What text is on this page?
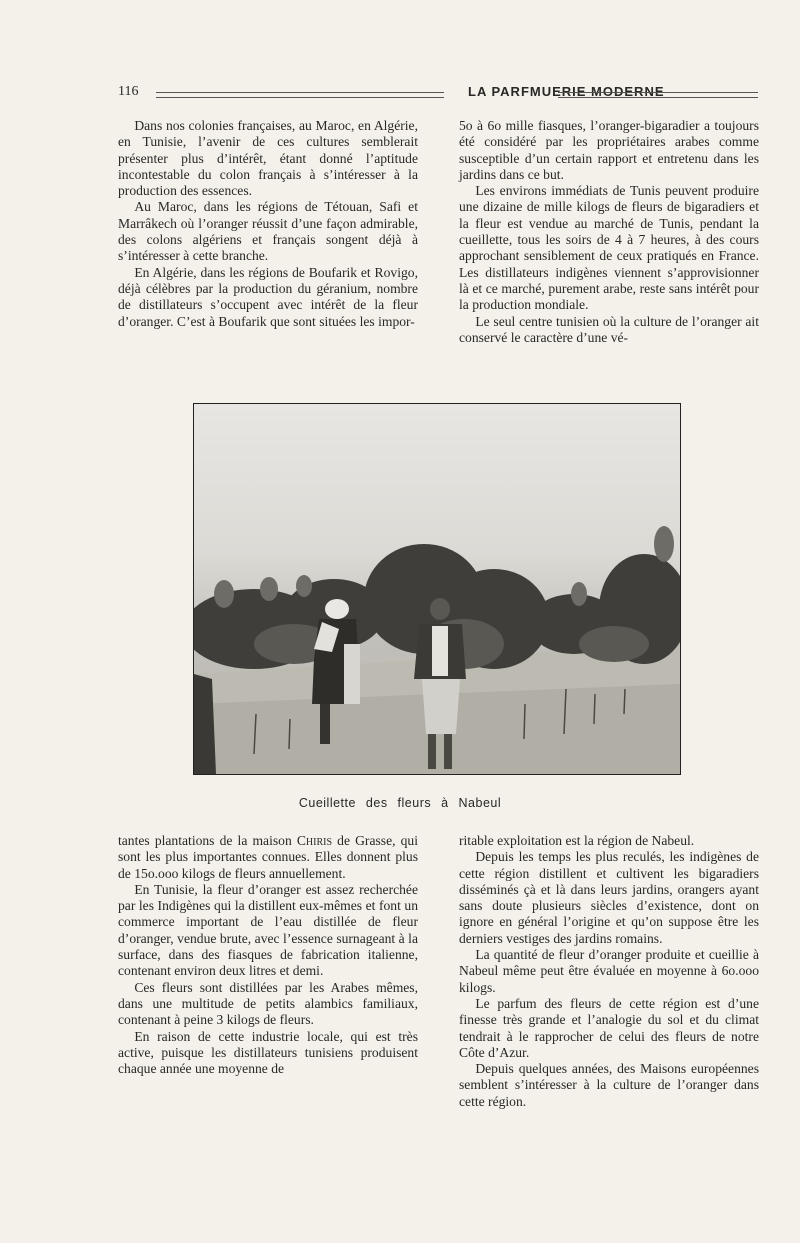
116	LA PARFMUERIE MODERNE

Dans nos colonies françaises, au Maroc, en Algérie, en Tunisie, l’avenir de ces cultures semblerait présenter plus d’intérêt, étant donné l’aptitude incontestable du colon français à s’intéresser à la production des essences.

Au Maroc, dans les régions de Tétouan, Safi et Marrâkech où l’oranger réussit d’une façon admirable, des colons algériens et français songent déjà à s’intéresser à cette branche.

En Algérie, dans les régions de Boufarik et Rovigo, déjà célèbres par la production du géranium, nombre de distillateurs s’occupent avec intérêt de la fleur d’oranger. C’est à Boufarik que sont situées les impor-

5o à 6o mille fiasques, l’oranger-bigaradier a toujours été considéré par les propriétaires arabes comme susceptible d’un certain rapport et entretenu dans les jardins dans ce but.

Les environs immédiats de Tunis peuvent produire une dizaine de mille kilogs de fleurs de bigaradiers et la fleur est vendue au marché de Tunis, pendant la cueillette, tous les soirs de 4 à 7 heures, à des cours approchant sensiblement de ceux pratiqués en France. Les distillateurs indigènes viennent s’approvisionner là et ce marché, purement arabe, reste sans intérêt pour la production mondiale.

Le seul centre tunisien où la culture de l’oranger ait conservé le caractère d’une vé-

Cueillette des fleurs à Nabeul

tantes plantations de la maison Chiris de Grasse, qui sont les plus importantes connues. Elles donnent plus de 15o.ooo kilogs de fleurs annuellement.

En Tunisie, la fleur d’oranger est assez recherchée par les Indigènes qui la distillent eux-mêmes et font un commerce important de l’eau distillée de fleur d’oranger, vendue brute, avec l’essence surnageant à la surface, dans des fiasques de fabrication italienne, contenant environ deux litres et demi.

Ces fleurs sont distillées par les Arabes mêmes, dans une multitude de petits alambics familiaux, contenant à peine 3 kilogs de fleurs.

En raison de cette industrie locale, qui est très active, puisque les distillateurs tunisiens produisent chaque année une moyenne de

ritable exploitation est la région de Nabeul.

Depuis les temps les plus reculés, les indigènes de cette région distillent et cultivent les bigaradiers disséminés çà et là dans leurs jardins, orangers ayant sans doute plusieurs siècles d’existence, dont on ignore en général l’origine et qu’on suppose être les derniers vestiges des jardins romains.

La quantité de fleur d’oranger produite et cueillie à Nabeul même peut être évaluée en moyenne à 6o.ooo kilogs.

Le parfum des fleurs de cette région est d’une finesse très grande et l’analogie du sol et du climat tendrait à le rapprocher de celui des fleurs de notre Côte d’Azur.

Depuis quelques années, des Maisons européennes semblent s’intéresser à la culture de l’oranger dans cette région.
